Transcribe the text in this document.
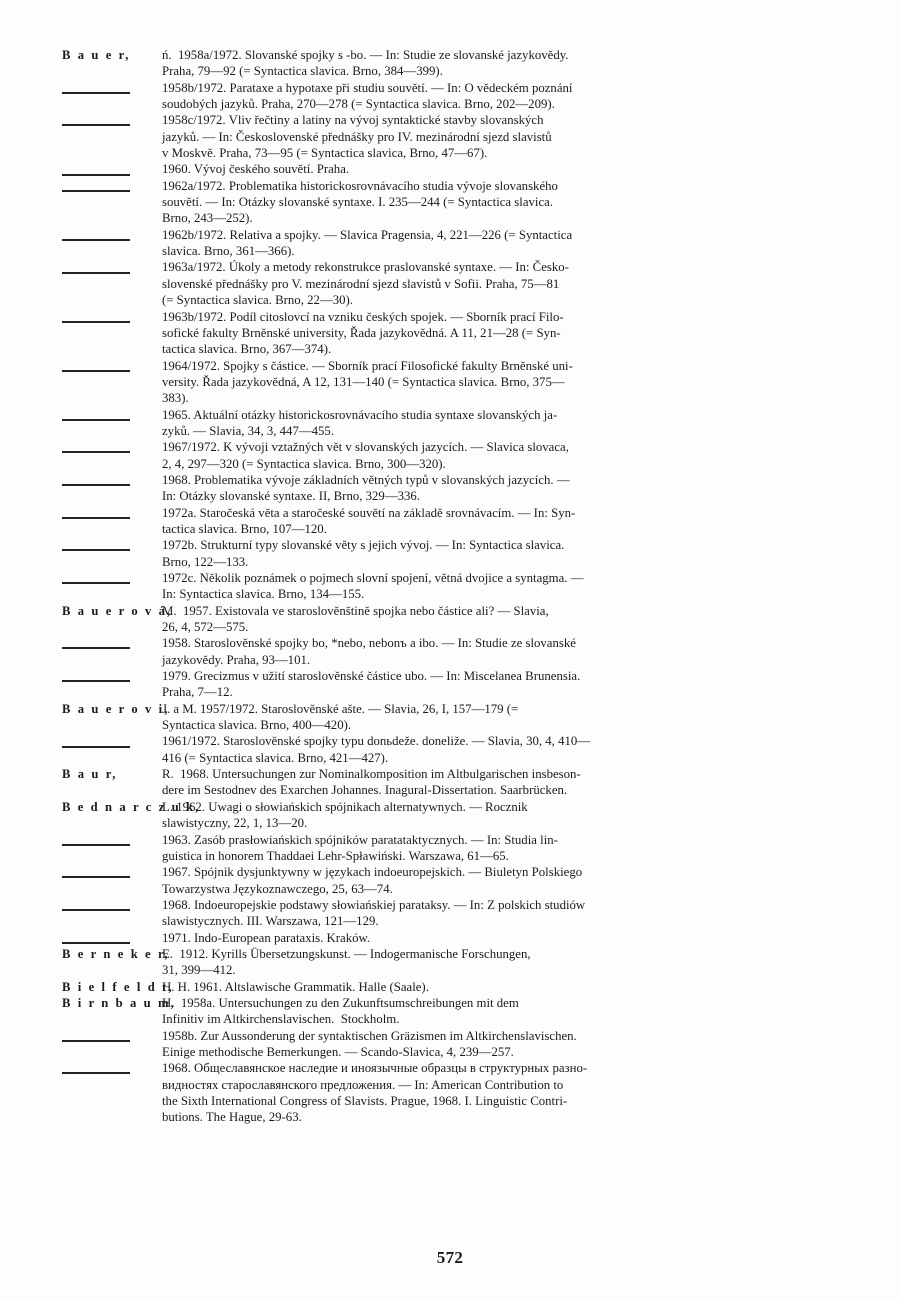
B a u e r,	ń.  1958a/1972. Slovanské spojky s -bo. — In: Studie ze slovanské jazykovědy.
Praha, 79—92 (= Syntactica slavica. Brno, 384—399).
1958b/1972. Parataxe a hypotaxe při studiu souvětí. — In: O vědeckém poznání
soudobých jazyků. Praha, 270—278 (= Syntactica slavica. Brno, 202—209).
1958c/1972. Vliv řečtiny a latiny na vývoj syntaktické stavby slovanských
jazyků. — In: Československé přednášky pro IV. mezinárodní sjezd slavistů
v Moskvě. Praha, 73—95 (= Syntactica slavica, Brno, 47—67).
1960. Vývoj českého souvětí. Praha.
1962a/1972. Problematika historickosrovnávacího studia vývoje slovanského
souvětí. — In: Otázky slovanské syntaxe. I. 235—244 (= Syntactica slavica.
Brno, 243—252).
1962b/1972. Relativa a spojky. — Slavica Pragensia, 4, 221—226 (= Syntactica
slavica. Brno, 361—366).
1963a/1972. Úkoly a metody rekonstrukce praslovanské syntaxe. — In: Česko-
slovenské přednášky pro V. mezinárodní sjezd slavistů v Sofii. Praha, 75—81
(= Syntactica slavica. Brno, 22—30).
1963b/1972. Podíl citoslovcí na vzniku českých spojek. — Sborník prací Filo-
sofické fakulty Brněnské university, Řada jazykovědná. A 11, 21—28 (= Syn-
tactica slavica. Brno, 367—374).
1964/1972. Spojky s částice. — Sborník prací Filosofické fakulty Brněnské uni-
versity. Řada jazykovědná, A 12, 131—140 (= Syntactica slavica. Brno, 375—
383).
1965. Aktuální otázky historickosrovnávacího studia syntaxe slovanských ja-
zyků. — Slavia, 34, 3, 447—455.
1967/1972. K vývoji vztažných vět v slovanských jazycích. — Slavica slovaca,
2, 4, 297—320 (= Syntactica slavica. Brno, 300—320).
1968. Problematika vývoje základních větných typů v slovanských jazycích. —
In: Otázky slovanské syntaxe. II, Brno, 329—336.
1972a. Staročeská věta a staročeské souvětí na základě srovnávacím. — In: Syn-
tactica slavica. Brno, 107—120.
1972b. Strukturní typy slovanské věty s jejich vývoj. — In: Syntactica slavica.
Brno, 122—133.
1972c. Několik poznámek o pojmech slovní spojení, větná dvojice a syntagma. —
In: Syntactica slavica. Brno, 134—155.
B a u e r o v á,
M.  1957. Existovala ve staroslověnštině spojka nebo částice ali? — Slavia,
26, 4, 572—575.
1958. Staroslověnské spojky bo, *nebo, nebonъ a ibo. — In: Studie ze slovanské
jazykovědy. Praha, 93—101.
1979. Grecizmus v užití staroslověnské částice ubo. — In: Miscelanea Brunensia.
Praha, 7—12.
B a u e r o v i,
J. a M. 1957/1972. Staroslověnské ašte. — Slavia, 26, I, 157—179 (=
Syntactica slavica. Brno, 400—420).
1961/1972. Staroslověnské spojky typu donьdeže. doneliže. — Slavia, 30, 4, 410—
416 (= Syntactica slavica. Brno, 421—427).
B a u r,	R.  1968. Untersuchungen zur Nominalkomposition im Altbulgarischen insbeson-
dere im Sestodnev des Exarchen Johannes. Inagural-Dissertation. Saarbrücken.
B e d n a r c z u k,
L. 1962. Uwagi o słowiańskich spójnikach alternatywnych. — Rocznik
slawistyczny, 22, 1, 13—20.
1963. Zasób prasłowiańskich spójników paratataktycznych. — In: Studia lin-
guistica in honorem Thaddaei Lehr-Spławiński. Warszawa, 61—65.
1967. Spójnik dysjunktywny w językach indoeuropejskich. — Biuletyn Polskiego
Towarzystwa Językoznawczego, 25, 63—74.
1968. Indoeuropejskie podstawy słowiańskiej parataksy. — In: Z polskich studiów
slawistycznych. III. Warszawa, 121—129.
1971. Indo-European parataxis. Kraków.
B e r n e k e r,
E.  1912. Kyrills Übersetzungskunst. — Indogermanische Forschungen,
31, 399—412.
B i e l f e l d t,
H. H. 1961. Altslawische Grammatik. Halle (Saale).
B i r n b a u m,
H.  1958a. Untersuchungen zu den Zukunftsumschreibungen mit dem
Infinitiv im Altkirchenslavischen.  Stockholm.
1958b. Zur Aussonderung der syntaktischen Gräzismen im Altkirchenslavischen.
Einige methodische Bemerkungen. — Scando-Slavica, 4, 239—257.
1968. Общеславянское наследие и иноязычные образцы в структурных разно-
видностях старославянского предложения. — In: American Contribution to
the Sixth International Congress of Slavists. Prague, 1968. I. Linguistic Contri-
butions. The Hague, 29-63.
572
